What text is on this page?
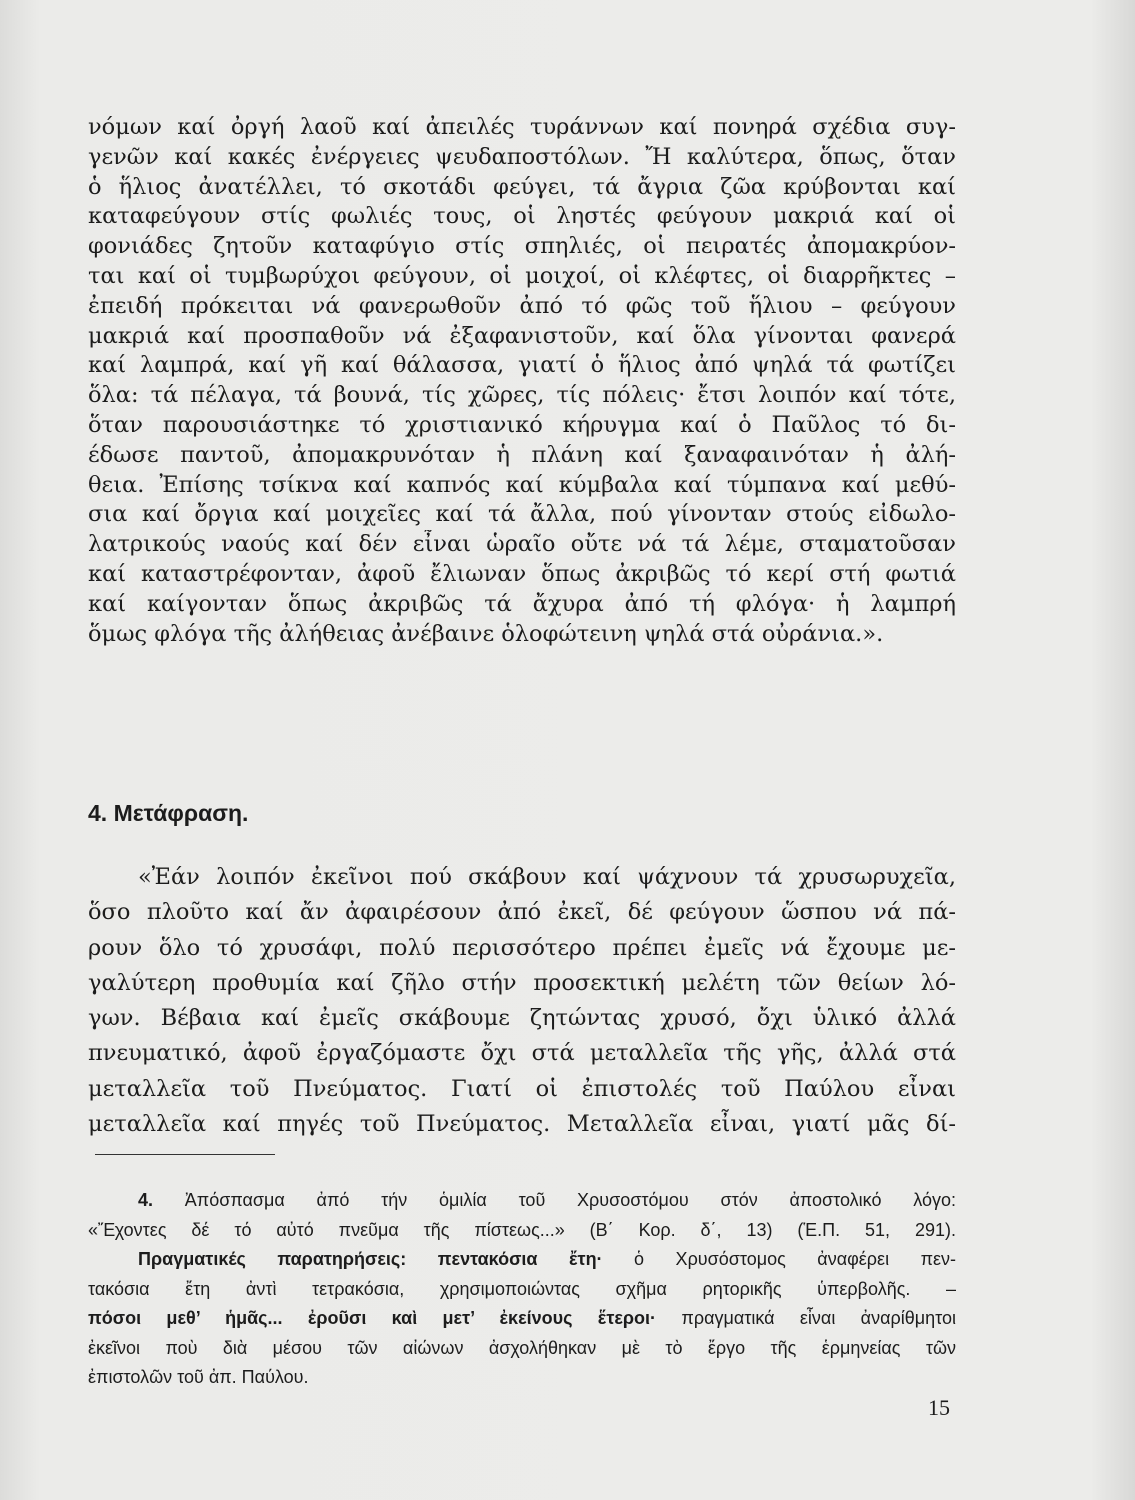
νόμων καί ὀργή λαοῦ καί ἀπειλές τυράννων καί πονηρά σχέδια συγ-
γενῶν καί κακές ἐνέργειες ψευδαποστόλων. Ἤ καλύτερα, ὅπως, ὅταν
ὁ ἥλιος ἀνατέλλει, τό σκοτάδι φεύγει, τά ἄγρια ζῶα κρύβονται καί
καταφεύγουν στίς φωλιές τους, οἱ ληστές φεύγουν μακριά καί οἱ
φονιάδες ζητοῦν καταφύγιο στίς σπηλιές, οἱ πειρατές ἀπομακρύον-
ται καί οἱ τυμβωρύχοι φεύγουν, οἱ μοιχοί, οἱ κλέφτες, οἱ διαρρῆκτες –
ἐπειδή πρόκειται νά φανερωθοῦν ἀπό τό φῶς τοῦ ἥλιου – φεύγουν
μακριά καί προσπαθοῦν νά ἐξαφανιστοῦν, καί ὅλα γίνονται φανερά
καί λαμπρά, καί γῆ καί θάλασσα, γιατί ὁ ἥλιος ἀπό ψηλά τά φωτίζει
ὅλα: τά πέλαγα, τά βουνά, τίς χῶρες, τίς πόλεις· ἔτσι λοιπόν καί τότε,
ὅταν παρουσιάστηκε τό χριστιανικό κήρυγμα καί ὁ Παῦλος τό δι-
έδωσε παντοῦ, ἀπομακρυνόταν ἡ πλάνη καί ξαναφαινόταν ἡ ἀλή-
θεια. Ἐπίσης τσίκνα καί καπνός καί κύμβαλα καί τύμπανα καί μεθύ-
σια καί ὄργια καί μοιχεῖες καί τά ἄλλα, πού γίνονταν στούς εἰδωλο-
λατρικούς ναούς καί δέν εἶναι ὡραῖο οὔτε νά τά λέμε, σταματοῦσαν
καί καταστρέφονταν, ἀφοῦ ἔλιωναν ὅπως ἀκριβῶς τό κερί στή φωτιά
καί καίγονταν ὅπως ἀκριβῶς τά ἄχυρα ἀπό τή φλόγα· ἡ λαμπρή
ὅμως φλόγα τῆς ἀλήθειας ἀνέβαινε ὁλοφώτεινη ψηλά στά οὐράνια.».
4. Μετάφραση.
«Ἐάν λοιπόν ἐκεῖνοι πού σκάβουν καί ψάχνουν τά χρυσωρυχεῖα,
ὅσο πλοῦτο καί ἄν ἀφαιρέσουν ἀπό ἐκεῖ, δέ φεύγουν ὥσπου νά πά-
ρουν ὅλο τό χρυσάφι, πολύ περισσότερο πρέπει ἐμεῖς νά ἔχουμε με-
γαλύτερη προθυμία καί ζῆλο στήν προσεκτική μελέτη τῶν θείων λό-
γων. Βέβαια καί ἐμεῖς σκάβουμε ζητώντας χρυσό, ὄχι ὑλικό ἀλλά
πνευματικό, ἀφοῦ ἐργαζόμαστε ὄχι στά μεταλλεῖα τῆς γῆς, ἀλλά στά
μεταλλεῖα τοῦ Πνεύματος. Γιατί οἱ ἐπιστολές τοῦ Παύλου εἶναι
μεταλλεῖα καί πηγές τοῦ Πνεύματος. Μεταλλεῖα εἶναι, γιατί μᾶς δί-
4. Ἀπόσπασμα ἀπό τήν ὁμιλία τοῦ Χρυσοστόμου στόν ἀποστολικό λόγο:
«Ἔχοντες δέ τό αὐτό πνεῦμα τῆς πίστεως...» (Β΄ Κορ. δ΄, 13) (Ἑ.Π. 51, 291).
Πραγματικές παρατηρήσεις: πεντακόσια ἔτη· ὁ Χρυσόστομος ἀναφέρει πεν-
τακόσια ἔτη ἀντὶ τετρακόσια, χρησιμοποιώντας σχῆμα ρητορικῆς ὑπερβολῆς. –
πόσοι μεθ’ ἡμᾶς... ἐροῦσι καὶ μετ’ ἐκείνους ἕτεροι· πραγματικά εἶναι ἀναρίθμητοι
ἐκεῖνοι ποὺ διὰ μέσου τῶν αἰώνων ἀσχολήθηκαν μὲ τὸ ἔργο τῆς ἑρμηνείας τῶν
ἐπιστολῶν τοῦ ἀπ. Παύλου.
15
